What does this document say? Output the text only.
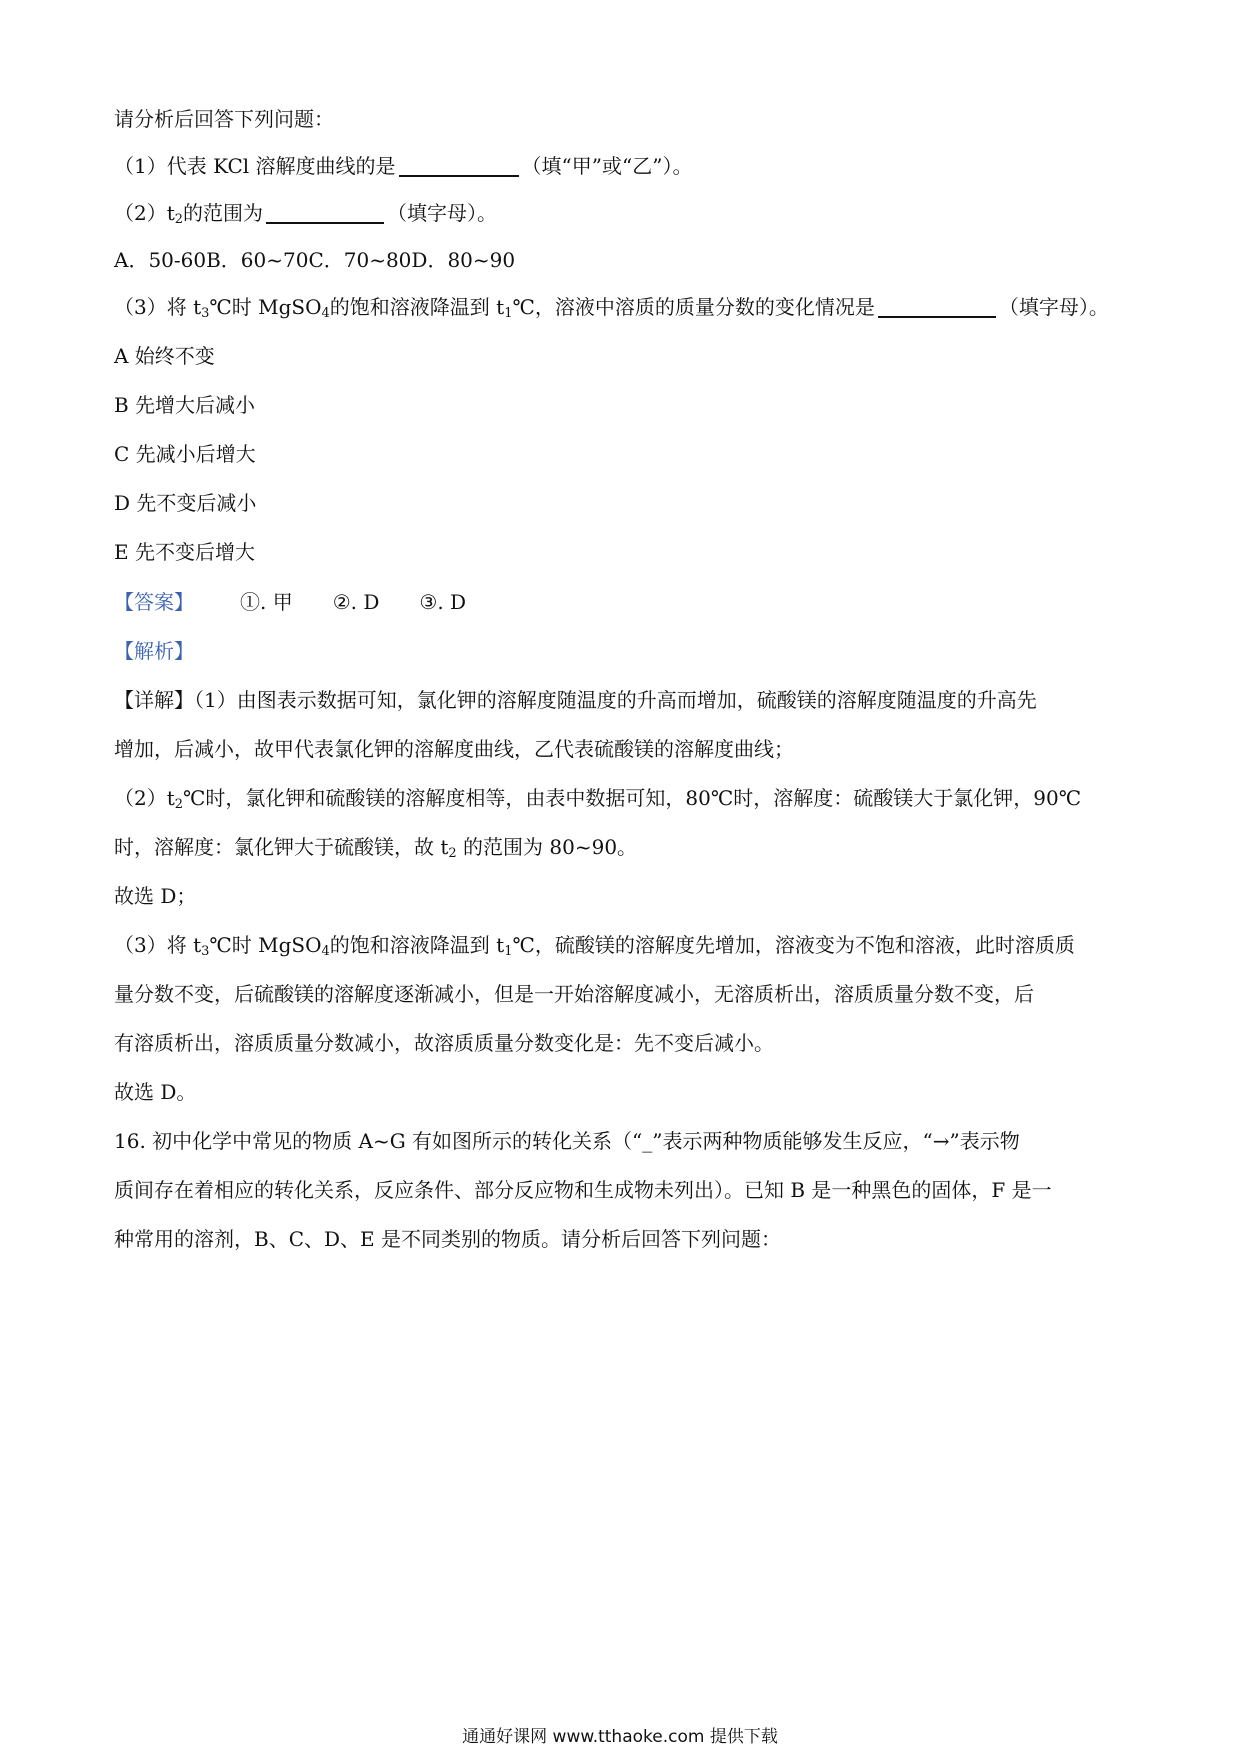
请分析后回答下列问题：
（1）代表 KCl 溶解度曲线的是	（填“甲”或“乙”）。
$(2)t_2$的范围为	（填字母）。
A．50-60B．60~70C．70~80D．80~90
（3）将 $t_3℃$时 MgSO$_4$的饱和溶液降温到 $t_1℃$，溶液中溶质的质量分数的变化情况是	（填字母）。
A 始终不变
B 先增大后减小
C 先减小后增大
D 先不变后减小
E 先不变后增大
【答案】 ①. 甲 ②. D ③. D
【解析】
【详解】（1）由图表示数据可知，氯化钾的溶解度随温度的升高而增加，硫酸镁的溶解度随温度的升高先
增加，后减小，故甲代表氯化钾的溶解度曲线，乙代表硫酸镁的溶解度曲线；
$(2)t_2℃$时，氯化钾和硫酸镁的溶解度相等，由表中数据可知，80℃时，溶解度：硫酸镁大于氯化钾，90℃
时，溶解度：氯化钾大于硫酸镁，故 $t_2$ 的范围为 80~90。
故选 D；
（3）将 $t_3℃$时 MgSO$_4$的饱和溶液降温到 $t_1℃$，硫酸镁的溶解度先增加，溶液变为不饱和溶液，此时溶质质
量分数不变，后硫酸镁的溶解度逐渐减小，但是一开始溶解度减小，无溶质析出，溶质质量分数不变，后
有溶质析出，溶质质量分数减小，故溶质质量分数变化是：先不变后减小。
故选 D。
16. 初中化学中常见的物质 A~G 有如图所示的转化关系（“_”表示两种物质能够发生反应，“→”表示物
质间存在着相应的转化关系，反应条件、部分反应物和生成物未列出）。已知 B 是一种黑色的固体，F 是一
种常用的溶剂，B、C、D、E 是不同类别的物质。请分析后回答下列问题：
通通好课网 www.tthaoke.com 提供下载
